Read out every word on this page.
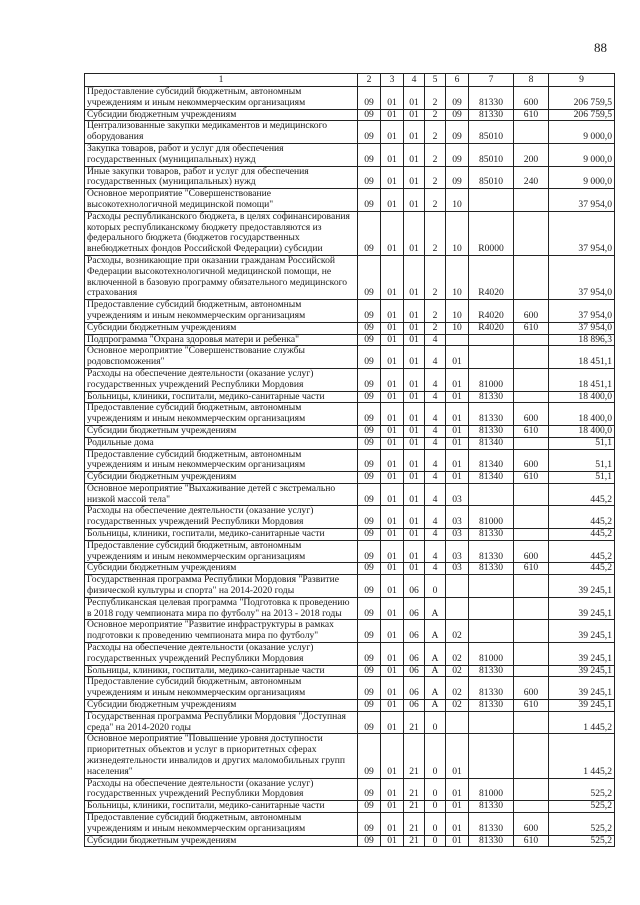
88
1	2	3	4	5	6	7	8	9
Предоставление субсидий бюджетным, автономным учреждениям и иным некоммерческим организациям	09	01	01	2	09	81330	600	206 759,5
Субсидии бюджетным учреждениям	09	01	01	2	09	81330	610	206 759,5
Централизованные закупки медикаментов и медицинского оборудования	09	01	01	2	09	85010		9 000,0
Закупка товаров, работ и услуг для обеспечения государственных (муниципальных) нужд	09	01	01	2	09	85010	200	9 000,0
Иные закупки товаров, работ и услуг для обеспечения государственных (муниципальных) нужд	09	01	01	2	09	85010	240	9 000,0
Основное мероприятие "Совершенствование высокотехнологичной медицинской помощи"	09	01	01	2	10			37 954,0
Расходы республиканского бюджета, в целях софинансирования которых республиканскому бюджету предоставляются из федерального бюджета (бюджетов государственных внебюджетных фондов Российской Федерации) субсидии	09	01	01	2	10	R0000		37 954,0
Расходы, возникающие при оказании гражданам Российской Федерации высокотехнологичной медицинской помощи, не включенной в базовую программу обязательного медицинского страхования	09	01	01	2	10	R4020		37 954,0
Предоставление субсидий бюджетным, автономным учреждениям и иным некоммерческим организациям	09	01	01	2	10	R4020	600	37 954,0
Субсидии бюджетным учреждениям	09	01	01	2	10	R4020	610	37 954,0
Подпрограмма "Охрана здоровья матери и ребенка"	09	01	01	4				18 896,3
Основное мероприятие "Совершенствование службы родовспоможения"	09	01	01	4	01			18 451,1
Расходы на обеспечение деятельности (оказание услуг) государственных учреждений Республики Мордовия	09	01	01	4	01	81000		18 451,1
Больницы, клиники, госпитали, медико-санитарные части	09	01	01	4	01	81330		18 400,0
Предоставление субсидий бюджетным, автономным учреждениям и иным некоммерческим организациям	09	01	01	4	01	81330	600	18 400,0
Субсидии бюджетным учреждениям	09	01	01	4	01	81330	610	18 400,0
Родильные дома	09	01	01	4	01	81340		51,1
Предоставление субсидий бюджетным, автономным учреждениям и иным некоммерческим организациям	09	01	01	4	01	81340	600	51,1
Субсидии бюджетным учреждениям	09	01	01	4	01	81340	610	51,1
Основное мероприятие "Выхаживание детей с экстремально низкой массой тела"	09	01	01	4	03			445,2
Расходы на обеспечение деятельности (оказание услуг) государственных учреждений Республики Мордовия	09	01	01	4	03	81000		445,2
Больницы, клиники, госпитали, медико-санитарные части	09	01	01	4	03	81330		445,2
Предоставление субсидий бюджетным, автономным учреждениям и иным некоммерческим организациям	09	01	01	4	03	81330	600	445,2
Субсидии бюджетным учреждениям	09	01	01	4	03	81330	610	445,2
Государственная программа Республики Мордовия "Развитие физической культуры и спорта" на 2014-2020 годы	09	01	06	0				39 245,1
Республиканская целевая программа "Подготовка к проведению в 2018 году чемпионата мира по футболу" на 2013 - 2018 годы	09	01	06	А				39 245,1
Основное мероприятие "Развитие инфраструктуры в рамках подготовки к проведению чемпионата мира по футболу"	09	01	06	А	02			39 245,1
Расходы на обеспечение деятельности (оказание услуг) государственных учреждений Республики Мордовия	09	01	06	А	02	81000		39 245,1
Больницы, клиники, госпитали, медико-санитарные части	09	01	06	А	02	81330		39 245,1
Предоставление субсидий бюджетным, автономным учреждениям и иным некоммерческим организациям	09	01	06	А	02	81330	600	39 245,1
Субсидии бюджетным учреждениям	09	01	06	А	02	81330	610	39 245,1
Государственная программа Республики Мордовия "Доступная среда" на 2014-2020 годы	09	01	21	0				1 445,2
Основное мероприятие "Повышение уровня доступности приоритетных объектов и услуг в приоритетных сферах жизнедеятельности инвалидов и других маломобильных групп населения"	09	01	21	0	01			1 445,2
Расходы на обеспечение деятельности (оказание услуг) государственных учреждений Республики Мордовия	09	01	21	0	01	81000		525,2
Больницы, клиники, госпитали, медико-санитарные части	09	01	21	0	01	81330		525,2
Предоставление субсидий бюджетным, автономным учреждениям и иным некоммерческим организациям	09	01	21	0	01	81330	600	525,2
Субсидии бюджетным учреждениям	09	01	21	0	01	81330	610	525,2
